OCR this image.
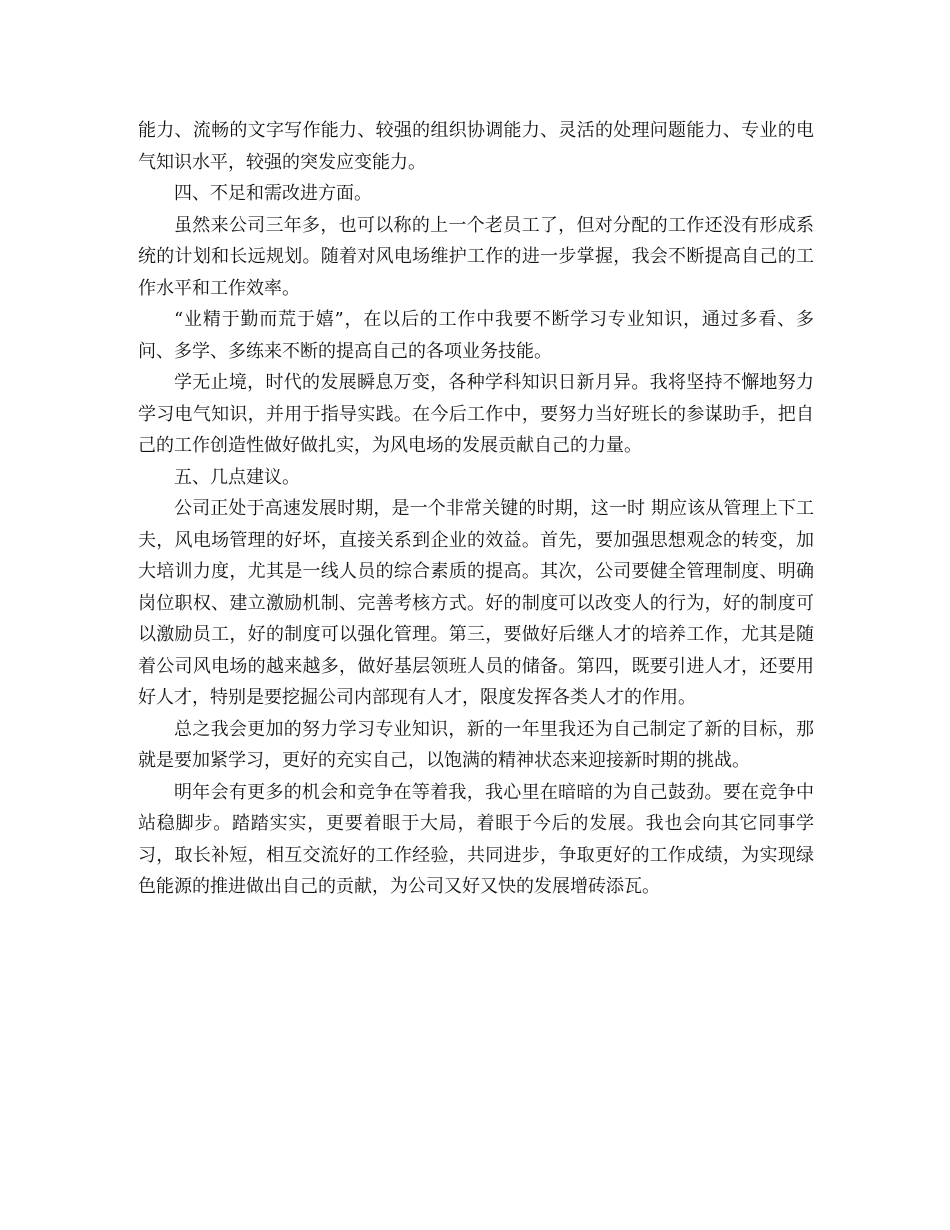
能力、流畅的文字写作能力、较强的组织协调能力、灵活的处理问题能力、专业的电气知识水平，较强的突发应变能力。

四、不足和需改进方面。

虽然来公司三年多，也可以称的上一个老员工了，但对分配的工作还没有形成系统的计划和长远规划。随着对风电场维护工作的进一步掌握，我会不断提高自己的工作水平和工作效率。

“业精于勤而荒于嬉”，在以后的工作中我要不断学习专业知识，通过多看、多问、多学、多练来不断的提高自己的各项业务技能。

学无止境，时代的发展瞬息万变，各种学科知识日新月异。我将坚持不懈地努力学习电气知识，并用于指导实践。在今后工作中，要努力当好班长的参谋助手，把自己的工作创造性做好做扎实，为风电场的发展贡献自己的力量。

五、几点建议。

公司正处于高速发展时期，是一个非常关键的时期，这一时 期应该从管理上下工夫，风电场管理的好坏，直接关系到企业的效益。首先，要加强思想观念的转变，加大培训力度，尤其是一线人员的综合素质的提高。其次，公司要健全管理制度、明确岗位职权、建立激励机制、完善考核方式。好的制度可以改变人的行为，好的制度可以激励员工，好的制度可以强化管理。第三，要做好后继人才的培养工作，尤其是随着公司风电场的越来越多，做好基层领班人员的储备。第四，既要引进人才，还要用好人才，特别是要挖掘公司内部现有人才，限度发挥各类人才的作用。

总之我会更加的努力学习专业知识，新的一年里我还为自己制定了新的目标，那就是要加紧学习，更好的充实自己，以饱满的精神状态来迎接新时期的挑战。

明年会有更多的机会和竞争在等着我，我心里在暗暗的为自己鼓劲。要在竞争中站稳脚步。踏踏实实，更要着眼于大局，着眼于今后的发展。我也会向其它同事学习，取长补短，相互交流好的工作经验，共同进步，争取更好的工作成绩，为实现绿色能源的推进做出自己的贡献，为公司又好又快的发展增砖添瓦。
